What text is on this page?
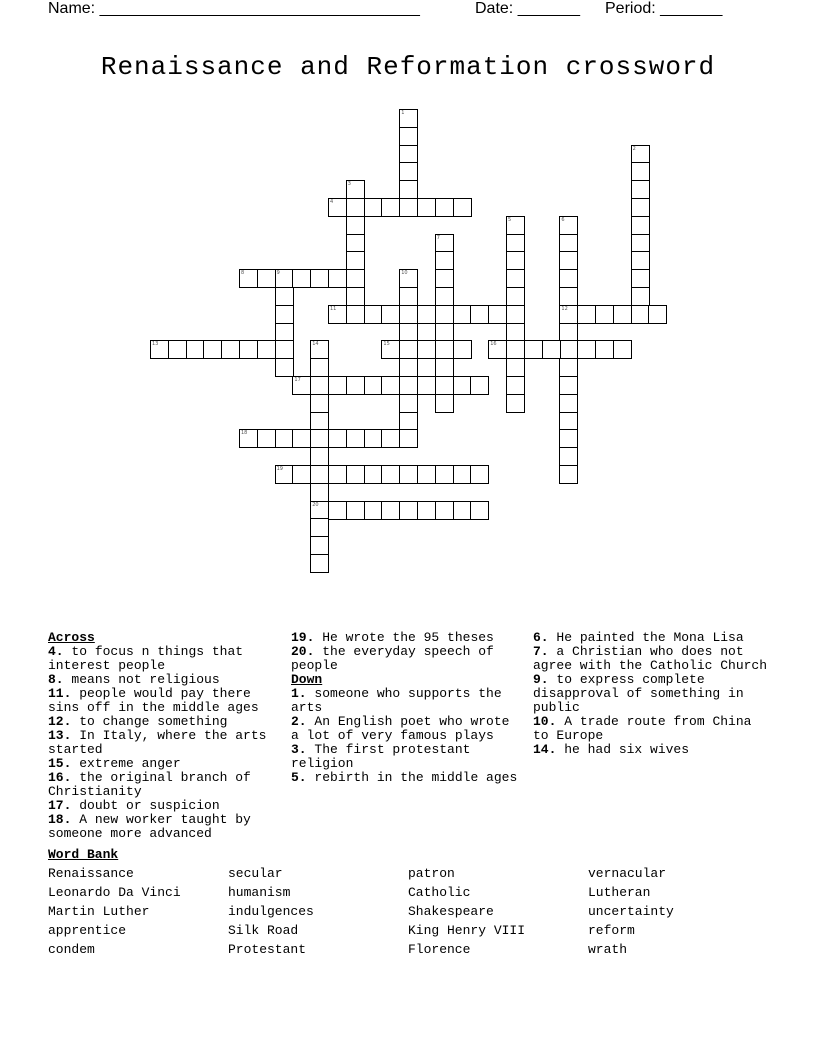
Name: ____________________________________	Date: _______ Period: _______
Renaissance and Reformation crossword
1
2
3
4
5	6
12
7
8	9	10
11
13	14
20
15	16
17
18
19
Across
4. to focus n things that interest people
8. means not religious
11. people would pay there sins off in the middle ages
12. to change something
13. In Italy, where the arts started
15. extreme anger
16. the original branch of Christianity
17. doubt or suspicion
18. A new worker taught by someone more advanced
19. He wrote the 95 theses
20. the everyday speech of people
Down
1. someone who supports the arts
2. An English poet who wrote a lot of very famous plays
3. The first protestant religion
5. rebirth in the middle ages
6. He painted the Mona Lisa
7. a Christian who does not agree with the Catholic Church
9. to express complete disapproval of something in public
10. A trade route from China to Europe
14. he had six wives
Word Bank
Renaissance	secular	patron	vernacular
Leonardo Da Vinci	humanism	Catholic	Lutheran
Martin Luther	indulgences	Shakespeare	uncertainty
apprentice	Silk Road	King Henry VIII	reform
condem	Protestant	Florence	wrath
